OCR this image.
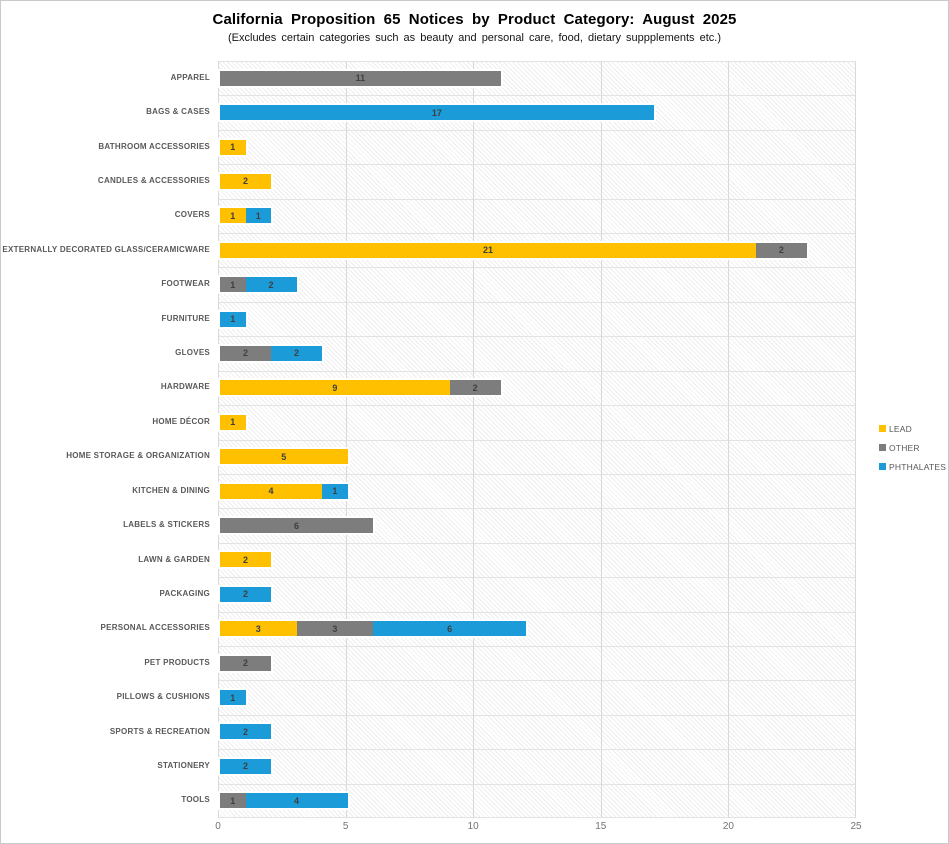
California Proposition 65 Notices by Product Category: August 2025
(Excludes certain categories such as beauty and personal care, food, dietary suppplements etc.)
APPAREL
BAGS & CASES
BATHROOM ACCESSORIES
CANDLES & ACCESSORIES
COVERS
EXTERNALLY DECORATED GLASS/CERAMICWARE
FOOTWEAR
FURNITURE
GLOVES
HARDWARE
HOME DÉCOR
HOME STORAGE & ORGANIZATION
KITCHEN & DINING
LABELS & STICKERS
LAWN & GARDEN
PACKAGING
PERSONAL ACCESSORIES
PET PRODUCTS
PILLOWS & CUSHIONS
SPORTS & RECREATION
STATIONERY
TOOLS
11
17
1
2
1 1
21	2
1	2
1
2	2
9	2
1
5
4	1
6
2
2
3	3	6
2
1
2
2
1	4
0	5	10	15	20	25
LEAD
OTHER
PHTHALATES
